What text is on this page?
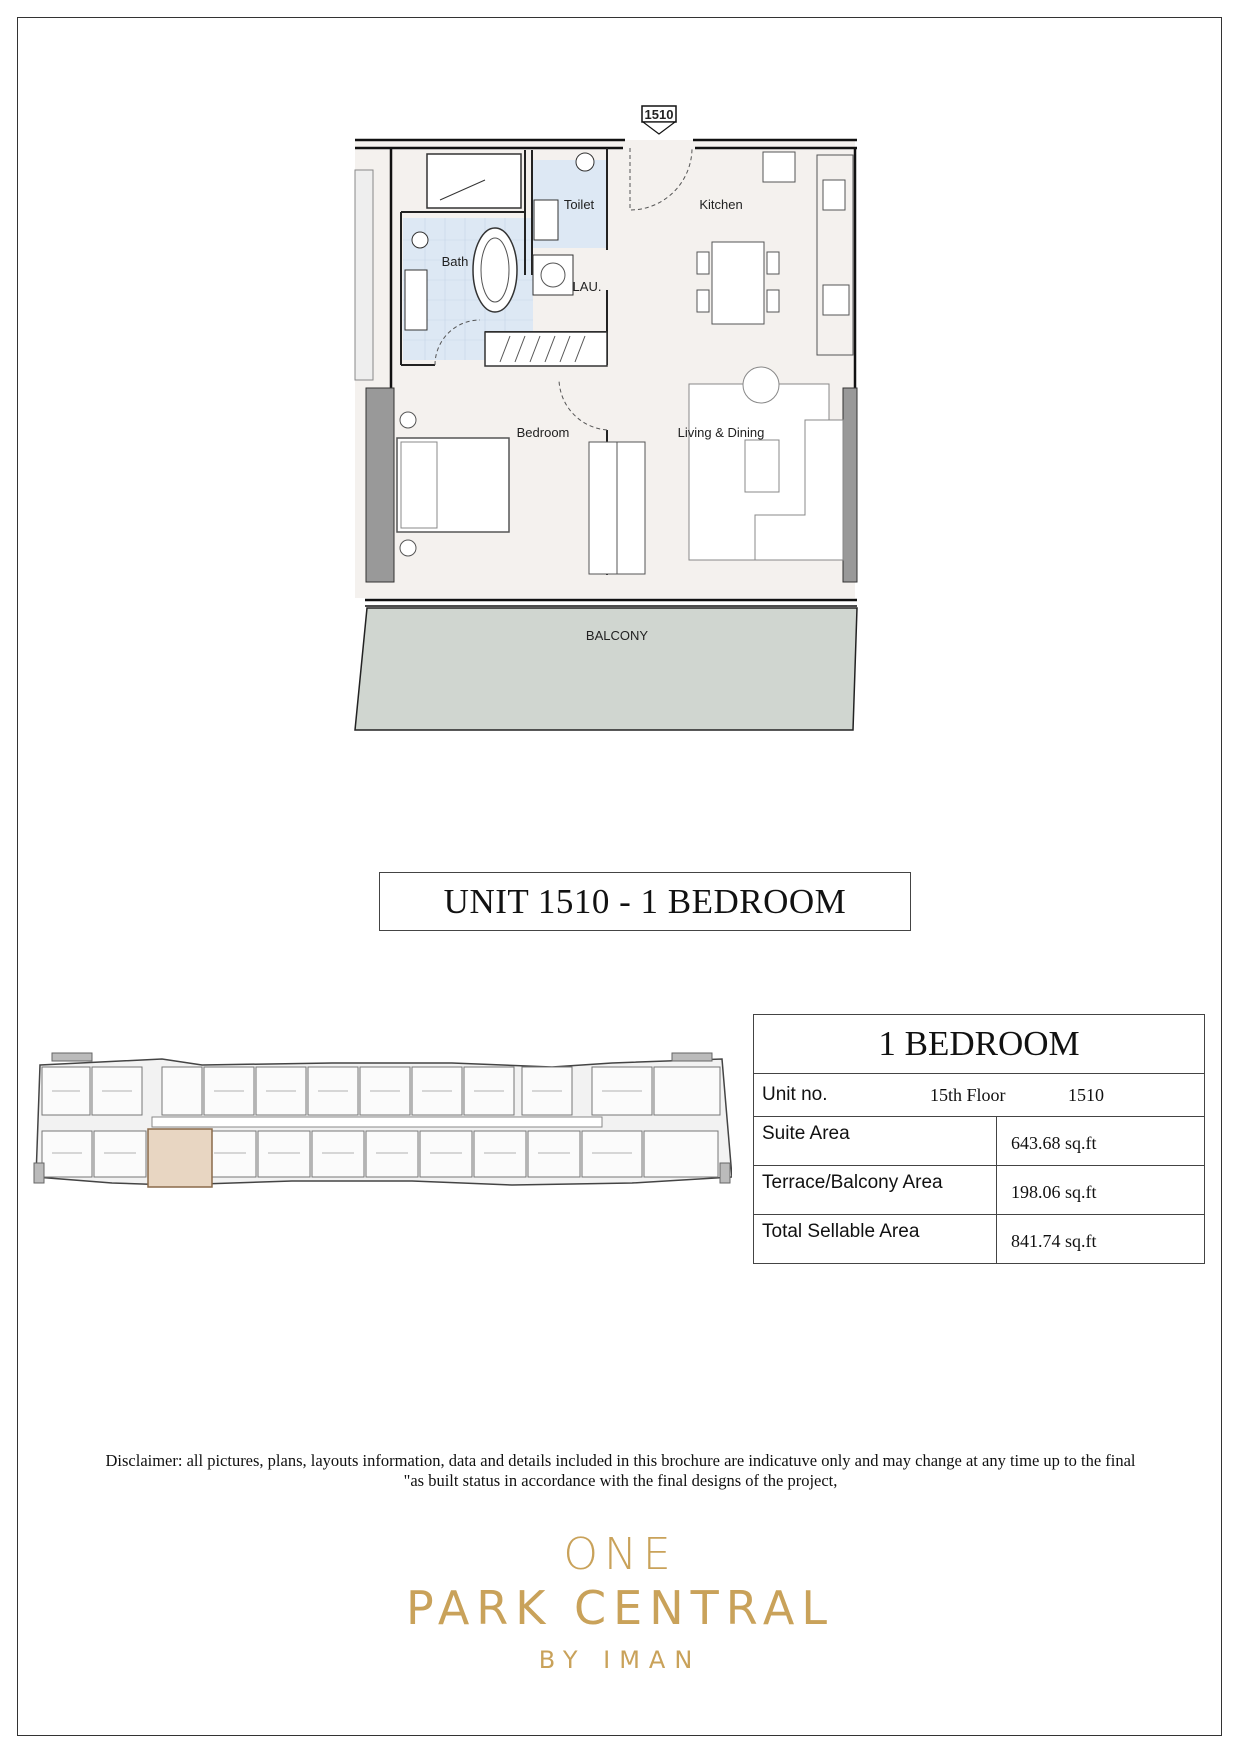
1510
Toilet	Kitchen
Bath
LAU.
Bedroom	Living & Dining
BALCONY
UNIT 1510 - 1 BEDROOM
1 BEDROOM	

Unit no. 15th Floor 1510	

Suite Area	643.68 sq.ft
Terrace/Balcony Area	198.06 sq.ft
Total Sellable Area	841.74 sq.ft
Disclaimer: all pictures, plans, layouts information, data and details included in this brochure are indicatuve only and may change at any time up to the final
"as built status in accordance with the final designs of the project,
ONE
PARK CENTRAL
BY IMAN
